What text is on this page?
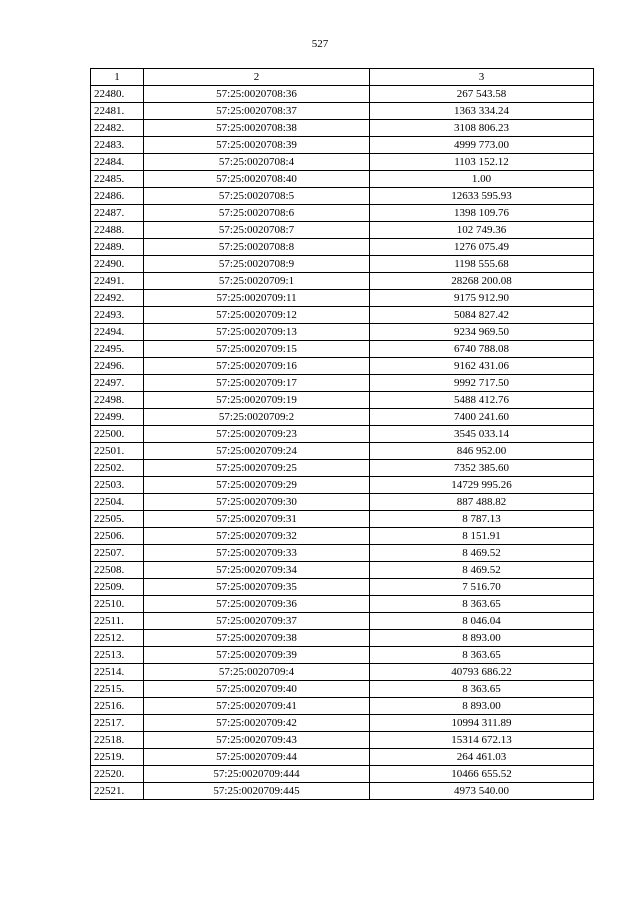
527
1	2	3
22480.	57:25:0020708:36	267 543.58
22481.	57:25:0020708:37	1363 334.24
22482.	57:25:0020708:38	3108 806.23
22483.	57:25:0020708:39	4999 773.00
22484.	57:25:0020708:4	1103 152.12
22485.	57:25:0020708:40	1.00
22486.	57:25:0020708:5	12633 595.93
22487.	57:25:0020708:6	1398 109.76
22488.	57:25:0020708:7	102 749.36
22489.	57:25:0020708:8	1276 075.49
22490.	57:25:0020708:9	1198 555.68
22491.	57:25:0020709:1	28268 200.08
22492.	57:25:0020709:11	9175 912.90
22493.	57:25:0020709:12	5084 827.42
22494.	57:25:0020709:13	9234 969.50
22495.	57:25:0020709:15	6740 788.08
22496.	57:25:0020709:16	9162 431.06
22497.	57:25:0020709:17	9992 717.50
22498.	57:25:0020709:19	5488 412.76
22499.	57:25:0020709:2	7400 241.60
22500.	57:25:0020709:23	3545 033.14
22501.	57:25:0020709:24	846 952.00
22502.	57:25:0020709:25	7352 385.60
22503.	57:25:0020709:29	14729 995.26
22504.	57:25:0020709:30	887 488.82
22505.	57:25:0020709:31	8 787.13
22506.	57:25:0020709:32	8 151.91
22507.	57:25:0020709:33	8 469.52
22508.	57:25:0020709:34	8 469.52
22509.	57:25:0020709:35	7 516.70
22510.	57:25:0020709:36	8 363.65
22511.	57:25:0020709:37	8 046.04
22512.	57:25:0020709:38	8 893.00
22513.	57:25:0020709:39	8 363.65
22514.	57:25:0020709:4	40793 686.22
22515.	57:25:0020709:40	8 363.65
22516.	57:25:0020709:41	8 893.00
22517.	57:25:0020709:42	10994 311.89
22518.	57:25:0020709:43	15314 672.13
22519.	57:25:0020709:44	264 461.03
22520.	57:25:0020709:444	10466 655.52
22521.	57:25:0020709:445	4973 540.00
